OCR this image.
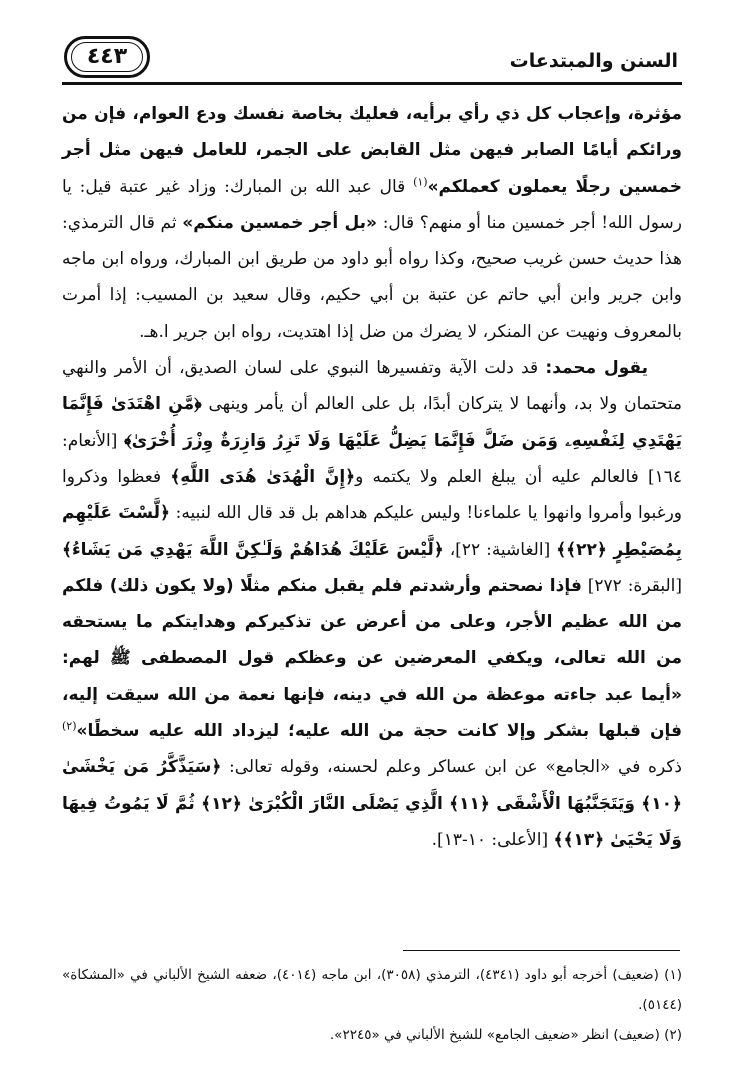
٤٤٣	السنن والمبتدعات

مؤثرة، وإعجاب كل ذي رأي برأيه، فعليك بخاصة نفسك ودع العوام، فإن من ورائكم أيامًا الصابر فيهن مثل القابض على الجمر، للعامل فيهن مثل أجر خمسين رجلًا يعملون كعملكم»$^{(١)}$ قال عبد الله بن المبارك: وزاد غير عتبة قيل: يا رسول الله! أجر خمسين منا أو منهم؟ قال: «بل أجر خمسين منكم» ثم قال الترمذي: هذا حديث حسن غريب صحيح، وكذا رواه أبو داود من طريق ابن المبارك، ورواه ابن ماجه وابن جرير وابن أبي حاتم عن عتبة بن أبي حكيم، وقال سعيد بن المسيب: إذا أمرت بالمعروف ونهيت عن المنكر، لا يضرك من ضل إذا اهتديت، رواه ابن جرير ا.هـ.

يقول محمد: قد دلت الآية وتفسيرها النبوي على لسان الصديق، أن الأمر والنهي متحتمان ولا بد، وأنهما لا يتركان أبدًا، بل على العالم أن يأمر وينهى ﴿مَّنِ اهْتَدَىٰ فَإِنَّمَا يَهْتَدِي لِنَفْسِهِۦ وَمَن ضَلَّ فَإِنَّمَا يَضِلُّ عَلَيْهَا وَلَا تَزِرُ وَازِرَةٌ وِزْرَ أُخْرَىٰ﴾ [الأنعام: ١٦٤] فالعالم عليه أن يبلغ العلم ولا يكتمه و﴿إِنَّ الْهُدَىٰ هُدَى اللَّهِ﴾ فعظوا وذكروا ورغبوا وأمروا وانهوا يا علماءنا! وليس عليكم هداهم بل قد قال الله لنبيه: ﴿لَّسْتَ عَلَيْهِم بِمُصَيْطِرٍ ﴿٢٢﴾﴾ [الغاشية: ٢٢]، ﴿لَّيْسَ عَلَيْكَ هُدَاهُمْ وَلَـٰكِنَّ اللَّهَ يَهْدِي مَن يَشَاءُ﴾ [البقرة: ٢٧٢] فإذا نصحتم وأرشدتم فلم يقبل منكم مثلًا (ولا يكون ذلك) فلكم من الله عظيم الأجر، وعلى من أعرض عن تذكيركم وهدايتكم ما يستحقه من الله تعالى، ويكفي المعرضين عن وعظكم قول المصطفى ﷺ لهم: «أيما عبد جاءته موعظة من الله في دينه، فإنها نعمة من الله سيقت إليه، فإن قبلها بشكر وإلا كانت حجة من الله عليه؛ ليزداد الله عليه سخطًا»$^{(٢)}$ ذكره في «الجامع» عن ابن عساكر وعلم لحسنه، وقوله تعالى: ﴿سَيَذَّكَّرُ مَن يَخْشَىٰ ﴿١٠﴾ وَيَتَجَنَّبُهَا الْأَشْقَى ﴿١١﴾ الَّذِي يَصْلَى النَّارَ الْكُبْرَىٰ ﴿١٢﴾ ثُمَّ لَا يَمُوتُ فِيهَا وَلَا يَحْيَىٰ ﴿١٣﴾﴾ [الأعلى: ١٠-١٣].

(١) (ضعيف) أخرجه أبو داود (٤٣٤١)، الترمذي (٣٠٥٨)، ابن ماجه (٤٠١٤)، ضعفه الشيخ الألباني في «المشكاة» (٥١٤٤).

(٢) (ضعيف) انظر «ضعيف الجامع» للشيخ الألباني في «٢٢٤٥».
